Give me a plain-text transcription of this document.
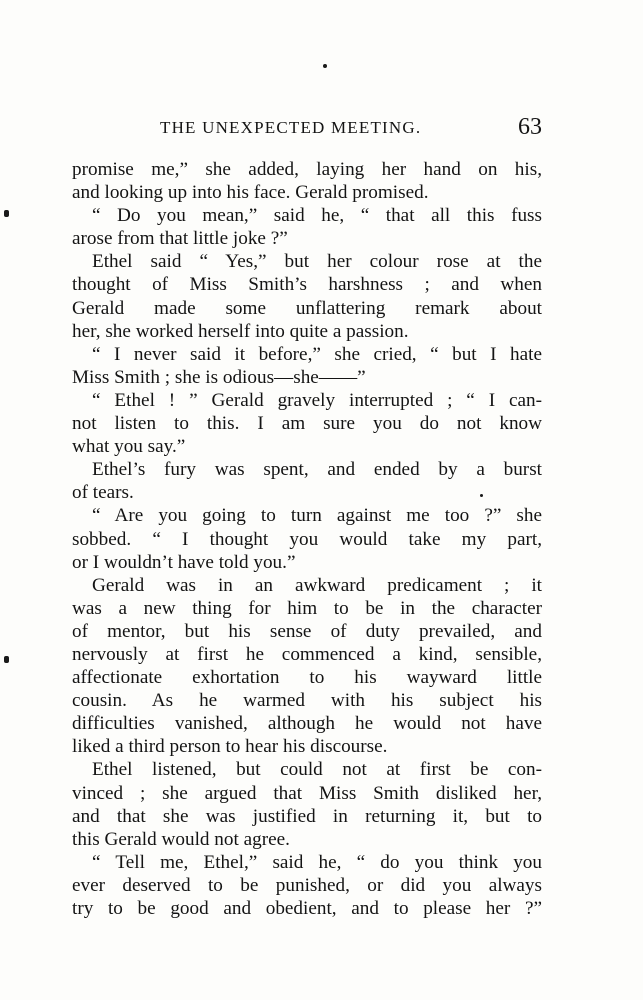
THE UNEXPECTED MEETING.	63
promise me,” she added, laying her hand on his,
and looking up into his face. Gerald promised.
“ Do you mean,” said he, “ that all this fuss
arose from that little joke ?”
Ethel said “ Yes,” but her colour rose at the
thought of Miss Smith’s harshness ; and when
Gerald made some unflattering remark about
her, she worked herself into quite a passion.
“ I never said it before,” she cried, “ but I hate
Miss Smith ; she is odious—she——”
“ Ethel ! ” Gerald gravely interrupted ; “ I can-
not listen to this. I am sure you do not know
what you say.”
Ethel’s fury was spent, and ended by a burst
of tears.
“ Are you going to turn against me too ?” she
sobbed. “ I thought you would take my part,
or I wouldn’t have told you.”
Gerald was in an awkward predicament ; it
was a new thing for him to be in the character
of mentor, but his sense of duty prevailed, and
nervously at first he commenced a kind, sensible,
affectionate exhortation to his wayward little
cousin. As he warmed with his subject his
difficulties vanished, although he would not have
liked a third person to hear his discourse.
Ethel listened, but could not at first be con-
vinced ; she argued that Miss Smith disliked her,
and that she was justified in returning it, but to
this Gerald would not agree.
“ Tell me, Ethel,” said he, “ do you think you
ever deserved to be punished, or did you always
try to be good and obedient, and to please her ?”
